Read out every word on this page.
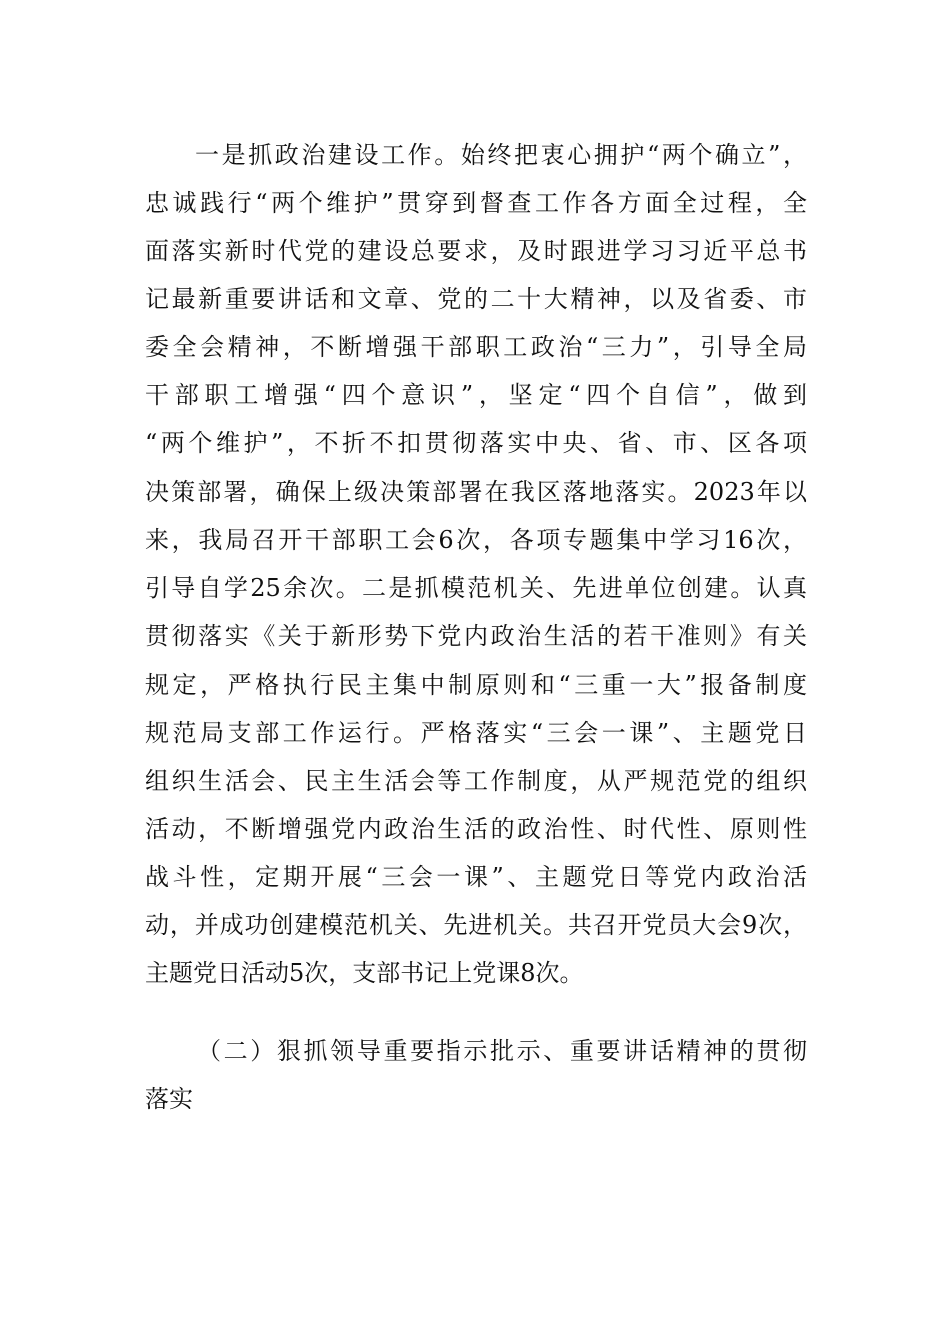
一是抓政治建设工作。始终把衷心拥护“两个确立”，
忠诚践行“两个维护”贯穿到督查工作各方面全过程，全
面落实新时代党的建设总要求，及时跟进学习习近平总书
记最新重要讲话和文章、党的二十大精神，以及省委、市
委全会精神，不断增强干部职工政治“三力”，引导全局
干部职工增强“四个意识”，坚定“四个自信”，做到
“两个维护”，不折不扣贯彻落实中央、省、市、区各项
决策部署，确保上级决策部署在我区落地落实。2023年以
来，我局召开干部职工会6次，各项专题集中学习16次，
引导自学25余次。二是抓模范机关、先进单位创建。认真
贯彻落实《关于新形势下党内政治生活的若干准则》有关
规定，严格执行民主集中制原则和“三重一大”报备制度
规范局支部工作运行。严格落实“三会一课”、主题党日
组织生活会、民主生活会等工作制度，从严规范党的组织
活动，不断增强党内政治生活的政治性、时代性、原则性
战斗性，定期开展“三会一课”、主题党日等党内政治活
动，并成功创建模范机关、先进机关。共召开党员大会9次，
主题党日活动5次，支部书记上党课8次。
（二）狠抓领导重要指示批示、重要讲话精神的贯彻
落实
